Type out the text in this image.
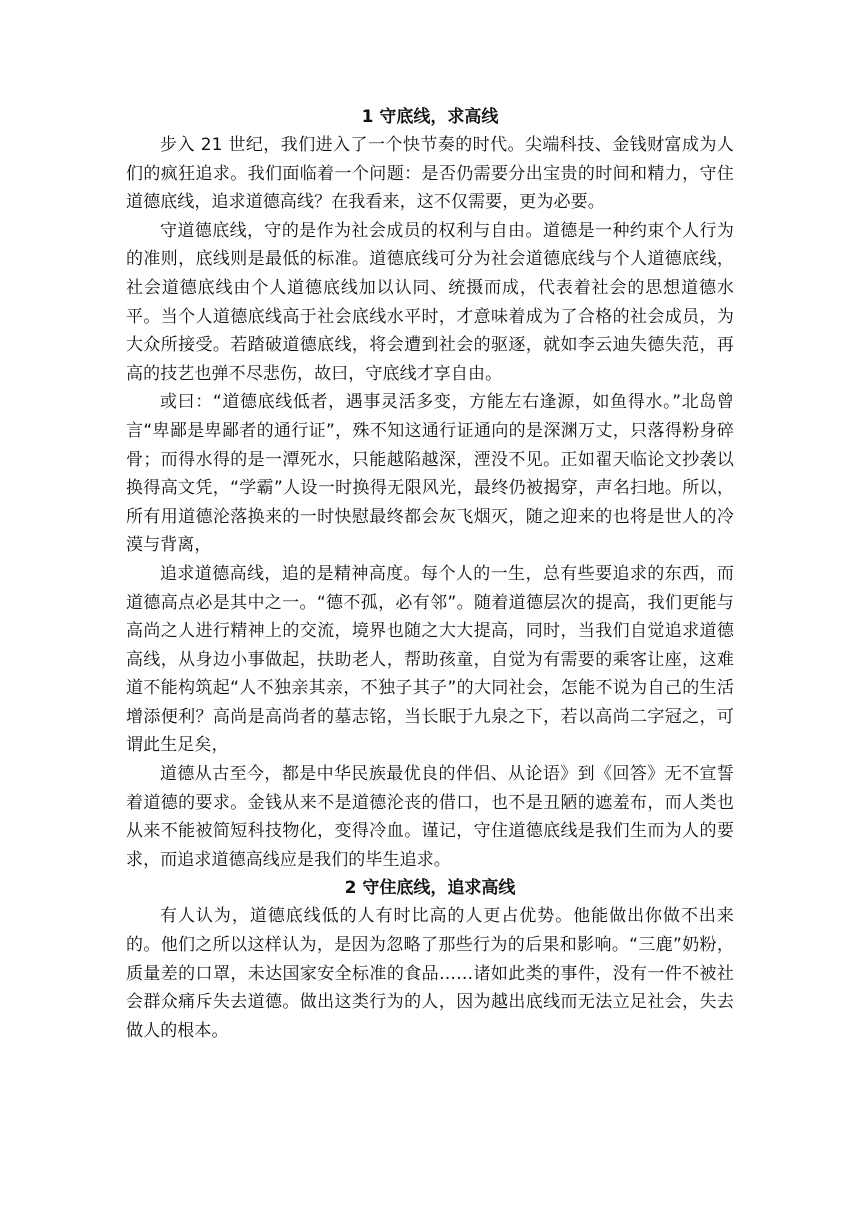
1 守底线，求高线

步入 21 世纪，我们进入了一个快节奏的时代。尖端科技、金钱财富成为人们的疯狂追求。我们面临着一个问题：是否仍需要分出宝贵的时间和精力，守住道德底线，追求道德高线？在我看来，这不仅需要，更为必要。

守道德底线，守的是作为社会成员的权利与自由。道德是一种约束个人行为的准则，底线则是最低的标准。道德底线可分为社会道德底线与个人道德底线，社会道德底线由个人道德底线加以认同、统摄而成，代表着社会的思想道德水平。当个人道德底线高于社会底线水平时，才意味着成为了合格的社会成员，为大众所接受。若踏破道德底线，将会遭到社会的驱逐，就如李云迪失德失范，再高的技艺也弹不尽悲伤，故曰，守底线才享自由。

或曰：“道德底线低者，遇事灵活多变，方能左右逢源，如鱼得水。”北岛曾言“卑鄙是卑鄙者的通行证”，殊不知这通行证通向的是深渊万丈，只落得粉身碎骨；而得水得的是一潭死水，只能越陷越深，湮没不见。正如翟天临论文抄袭以换得高文凭，“学霸”人设一时换得无限风光，最终仍被揭穿，声名扫地。所以，所有用道德沦落换来的一时快慰最终都会灰飞烟灭，随之迎来的也将是世人的冷漠与背离，

追求道德高线，追的是精神高度。每个人的一生，总有些要追求的东西，而道德高点必是其中之一。“德不孤，必有邻”。随着道德层次的提高，我们更能与高尚之人进行精神上的交流，境界也随之大大提高，同时，当我们自觉追求道德高线，从身边小事做起，扶助老人，帮助孩童，自觉为有需要的乘客让座，这难道不能构筑起“人不独亲其亲，不独子其子”的大同社会，怎能不说为自己的生活增添便利？高尚是高尚者的墓志铭，当长眠于九泉之下，若以高尚二字冠之，可谓此生足矣，

道德从古至今，都是中华民族最优良的伴侣、从论语》到《回答》无不宣誓着道德的要求。金钱从来不是道德沦丧的借口，也不是丑陋的遮羞布，而人类也从来不能被简短科技物化，变得冷血。谨记，守住道德底线是我们生而为人的要求，而追求道德高线应是我们的毕生追求。

2 守住底线，追求高线

有人认为，道德底线低的人有时比高的人更占优势。他能做出你做不出来的。他们之所以这样认为，是因为忽略了那些行为的后果和影响。“三鹿”奶粉，质量差的口罩，未达国家安全标准的食品……诸如此类的事件，没有一件不被社会群众痛斥失去道德。做出这类行为的人，因为越出底线而无法立足社会，失去做人的根本。
